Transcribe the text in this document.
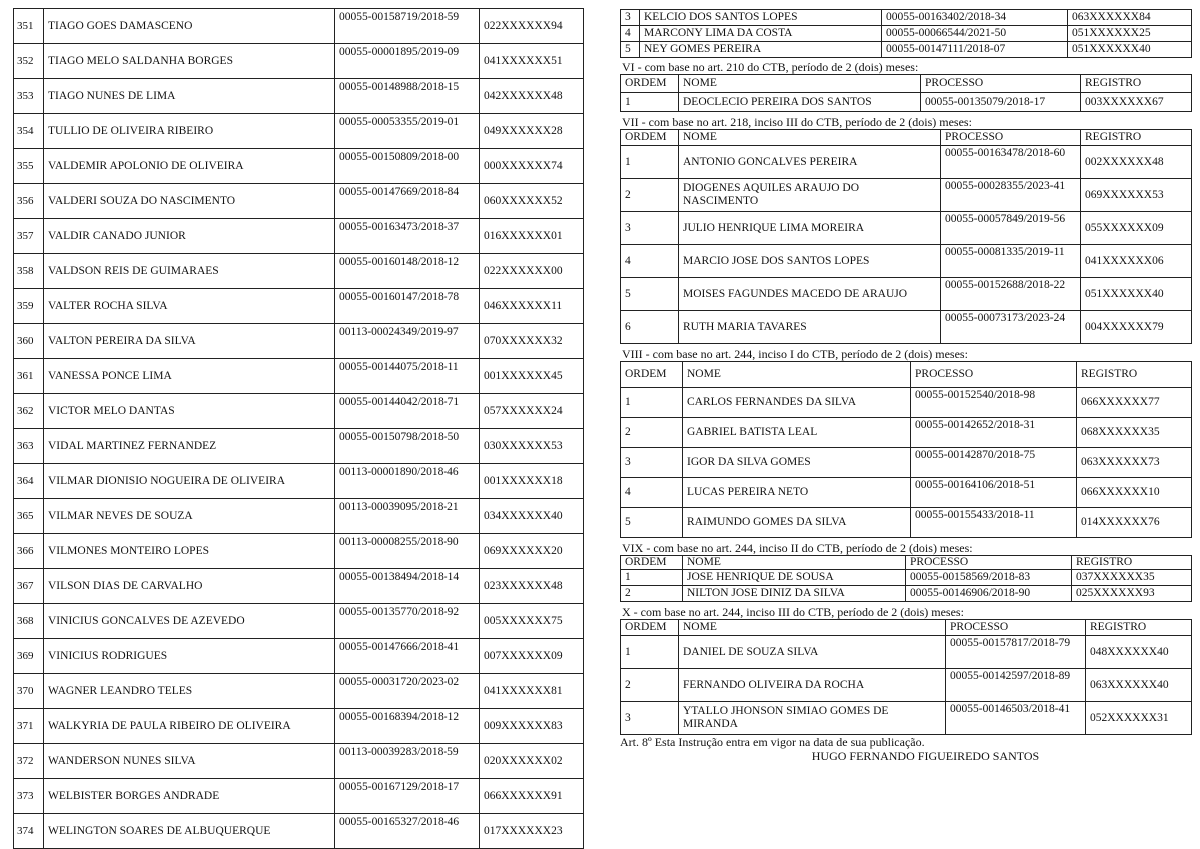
351	TIAGO GOES DAMASCENO	00055-00158719/2018-59	022XXXXXX94
352	TIAGO MELO SALDANHA BORGES	00055-00001895/2019-09	041XXXXXX51
353	TIAGO NUNES DE LIMA	00055-00148988/2018-15	042XXXXXX48
354	TULLIO DE OLIVEIRA RIBEIRO	00055-00053355/2019-01	049XXXXXX28
355	VALDEMIR APOLONIO DE OLIVEIRA	00055-00150809/2018-00	000XXXXXX74
356	VALDERI SOUZA DO NASCIMENTO	00055-00147669/2018-84	060XXXXXX52
357	VALDIR CANADO JUNIOR	00055-00163473/2018-37	016XXXXXX01
358	VALDSON REIS DE GUIMARAES	00055-00160148/2018-12	022XXXXXX00
359	VALTER ROCHA SILVA	00055-00160147/2018-78	046XXXXXX11
360	VALTON PEREIRA DA SILVA	00113-00024349/2019-97	070XXXXXX32
361	VANESSA PONCE LIMA	00055-00144075/2018-11	001XXXXXX45
362	VICTOR MELO DANTAS	00055-00144042/2018-71	057XXXXXX24
363	VIDAL MARTINEZ FERNANDEZ	00055-00150798/2018-50	030XXXXXX53
364	VILMAR DIONISIO NOGUEIRA DE OLIVEIRA	00113-00001890/2018-46	001XXXXXX18
365	VILMAR NEVES DE SOUZA	00113-00039095/2018-21	034XXXXXX40
366	VILMONES MONTEIRO LOPES	00113-00008255/2018-90	069XXXXXX20
367	VILSON DIAS DE CARVALHO	00055-00138494/2018-14	023XXXXXX48
368	VINICIUS GONCALVES DE AZEVEDO	00055-00135770/2018-92	005XXXXXX75
369	VINICIUS RODRIGUES	00055-00147666/2018-41	007XXXXXX09
370	WAGNER LEANDRO TELES	00055-00031720/2023-02	041XXXXXX81
371	WALKYRIA DE PAULA RIBEIRO DE OLIVEIRA	00055-00168394/2018-12	009XXXXXX83
372	WANDERSON NUNES SILVA	00113-00039283/2018-59	020XXXXXX02
373	WELBISTER BORGES ANDRADE	00055-00167129/2018-17	066XXXXXX91
374	WELINGTON SOARES DE ALBUQUERQUE	00055-00165327/2018-46	017XXXXXX23
3	KELCIO DOS SANTOS LOPES	00055-00163402/2018-34	063XXXXXX84
4	MARCONY LIMA DA COSTA	00055-00066544/2021-50	051XXXXXX25
5	NEY GOMES PEREIRA	00055-00147111/2018-07	051XXXXXX40
VI - com base no art. 210 do CTB, período de 2 (dois) meses:
ORDEM	NOME	PROCESSO	REGISTRO
1	DEOCLECIO PEREIRA DOS SANTOS	00055-00135079/2018-17	003XXXXXX67
VII - com base no art. 218, inciso III do CTB, período de 2 (dois) meses:
ORDEM	NOME	PROCESSO	REGISTRO
1	ANTONIO GONCALVES PEREIRA	00055-00163478/2018-60	002XXXXXX48
2	DIOGENES AQUILES ARAUJO DO NASCIMENTO	00055-00028355/2023-41	069XXXXXX53
3	JULIO HENRIQUE LIMA MOREIRA	00055-00057849/2019-56	055XXXXXX09
4	MARCIO JOSE DOS SANTOS LOPES	00055-00081335/2019-11	041XXXXXX06
5	MOISES FAGUNDES MACEDO DE ARAUJO	00055-00152688/2018-22	051XXXXXX40
6	RUTH MARIA TAVARES	00055-00073173/2023-24	004XXXXXX79
VIII - com base no art. 244, inciso I do CTB, período de 2 (dois) meses:
ORDEM	NOME	PROCESSO	REGISTRO
1	CARLOS FERNANDES DA SILVA	00055-00152540/2018-98	066XXXXXX77
2	GABRIEL BATISTA LEAL	00055-00142652/2018-31	068XXXXXX35
3	IGOR DA SILVA GOMES	00055-00142870/2018-75	063XXXXXX73
4	LUCAS PEREIRA NETO	00055-00164106/2018-51	066XXXXXX10
5	RAIMUNDO GOMES DA SILVA	00055-00155433/2018-11	014XXXXXX76
VIX - com base no art. 244, inciso II do CTB, período de 2 (dois) meses:
ORDEM	NOME	PROCESSO	REGISTRO
1	JOSE HENRIQUE DE SOUSA	00055-00158569/2018-83	037XXXXXX35
2	NILTON JOSE DINIZ DA SILVA	00055-00146906/2018-90	025XXXXXX93
X - com base no art. 244, inciso III do CTB, período de 2 (dois) meses:
ORDEM	NOME	PROCESSO	REGISTRO
1	DANIEL DE SOUZA SILVA	00055-00157817/2018-79	048XXXXXX40
2	FERNANDO OLIVEIRA DA ROCHA	00055-00142597/2018-89	063XXXXXX40
3	YTALLO JHONSON SIMIAO GOMES DE MIRANDA	00055-00146503/2018-41	052XXXXXX31
Art. 8º Esta Instrução entra em vigor na data de sua publicação.
HUGO FERNANDO FIGUEIREDO SANTOS
